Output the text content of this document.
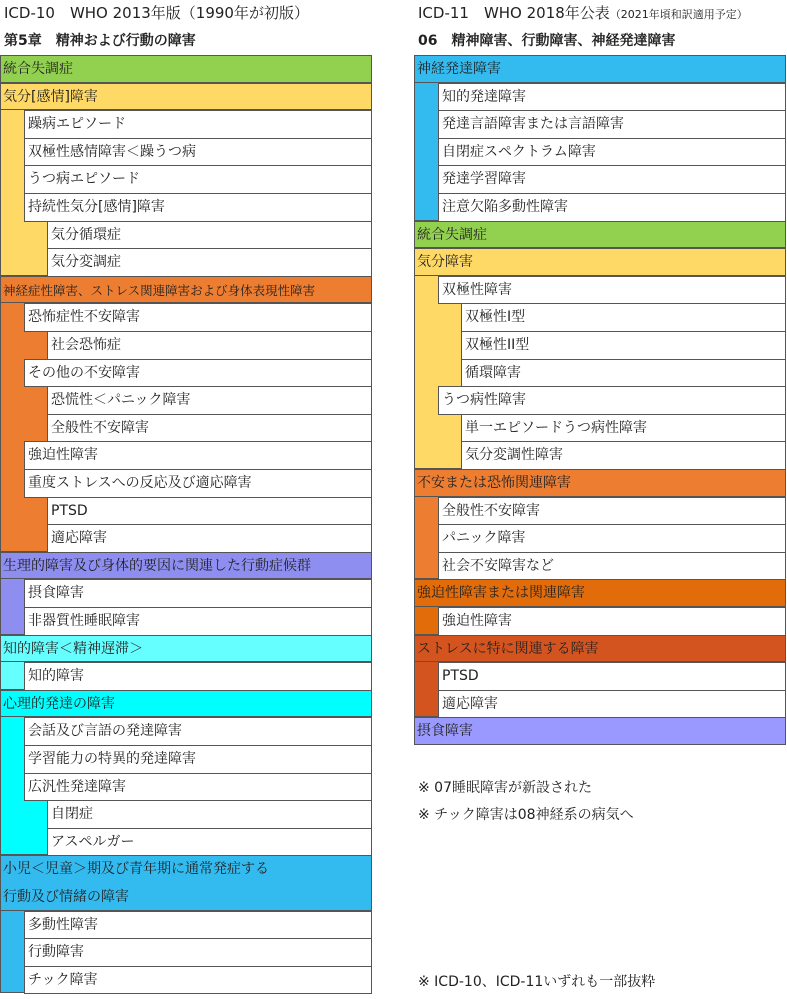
ICD-10　WHO 2013年版（1990年が初版）
第5章　精神および行動の障害
ICD-11　WHO 2018年公表（2021年頃和訳適用予定）
06　精神障害、行動障害、神経発達障害
統合失調症
気分[感情]障害
躁病エピソード
双極性感情障害＜躁うつ病
うつ病エピソード
持続性気分[感情]障害
気分循環症
気分変調症
神経症性障害、ストレス関連障害および身体表現性障害
恐怖症性不安障害
社会恐怖症
その他の不安障害
恐慌性＜パニック障害
全般性不安障害
強迫性障害
重度ストレスへの反応及び適応障害
PTSD
適応障害
生理的障害及び身体的要因に関連した行動症候群
摂食障害
非器質性睡眠障害
知的障害＜精神遅滞＞
知的障害
心理的発達の障害
会話及び言語の発達障害
学習能力の特異的発達障害
広汎性発達障害
自閉症
アスペルガー
小児＜児童＞期及び青年期に通常発症する
行動及び情緒の障害
多動性障害
行動障害
チック障害
神経発達障害
知的発達障害
発達言語障害または言語障害
自閉症スペクトラム障害
発達学習障害
注意欠陥多動性障害
統合失調症
気分障害
双極性障害
双極性I型
双極性II型
循環障害
うつ病性障害
単一エピソードうつ病性障害
気分変調性障害
不安または恐怖関連障害
全般性不安障害
パニック障害
社会不安障害など
強迫性障害または関連障害
強迫性障害
ストレスに特に関連する障害
PTSD
適応障害
摂食障害
※ 07睡眠障害が新設された
※ チック障害は08神経系の病気へ
※ ICD-10、ICD-11いずれも一部抜粋
